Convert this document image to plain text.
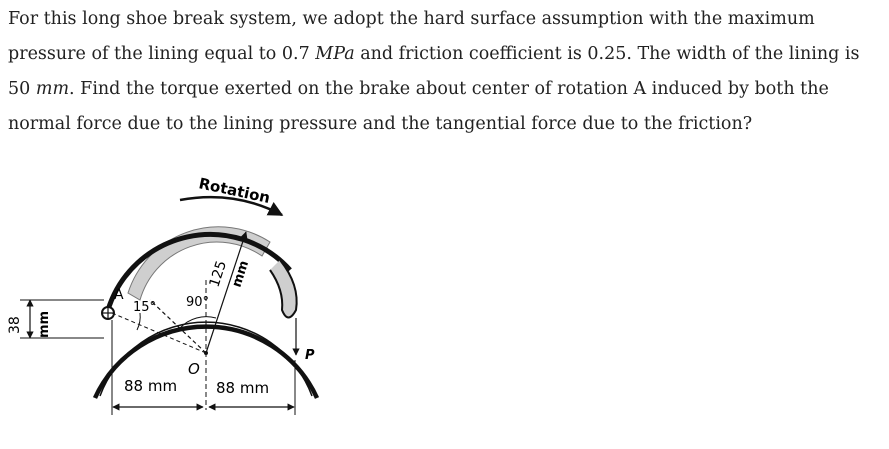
For this long shoe break system, we adopt the hard surface assumption with the maximum pressure of the lining equal to 0.7 MPa and friction coefficient is 0.25. The width of the lining is 50 mm. Find the torque exerted on the brake about center of rotation A induced by both the normal force due to the lining pressure and the tangential force due to the friction?
A
O
90°
15°
125 mm
Rotation
P
88 mm	88 mm
38 mm
